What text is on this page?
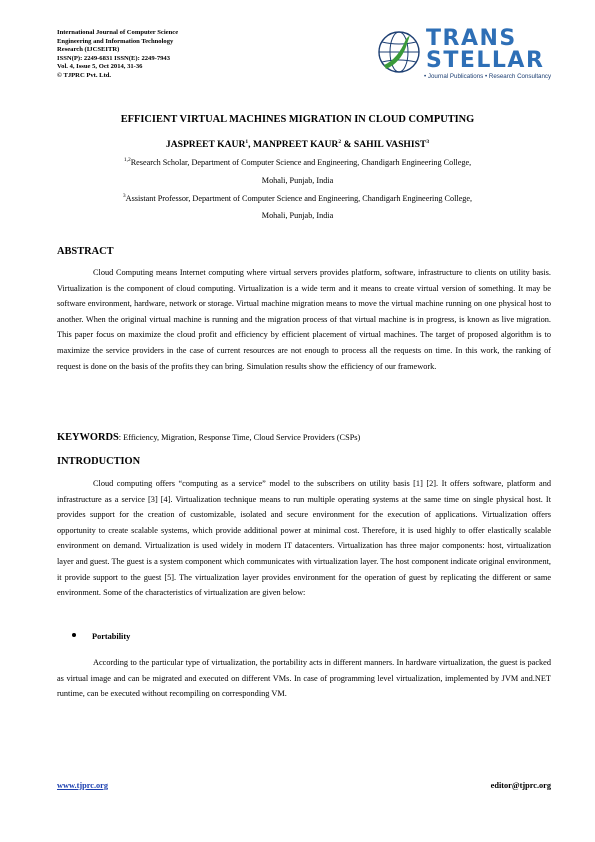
International Journal of Computer Science
Engineering and Information Technology
Research (IJCSEITR)
ISSN(P): 2249-6831 ISSN(E): 2249-7943
Vol. 4, Issue 5, Oct 2014, 31-36
© TJPRC Pvt. Ltd.
TRANS
STELLAR
• Journal Publications • Research Consultancy
EFFICIENT VIRTUAL MACHINES MIGRATION IN CLOUD COMPUTING
JASPREET KAUR$^1$, MANPREET KAUR$^2$ & SAHIL VASHIST$^3$
$^{1,2}$Research Scholar, Department of Computer Science and Engineering, Chandigarh Engineering College,
Mohali, Punjab, India
$^3$Assistant Professor, Department of Computer Science and Engineering, Chandigarh Engineering College,
Mohali, Punjab, India
ABSTRACT

Cloud Computing means Internet computing where virtual servers provides platform, software, infrastructure to clients on utility basis. Virtualization is the component of cloud computing. Virtualization is a wide term and it means to create virtual version of something. It may be software environment, hardware, network or storage. Virtual machine migration means to move the virtual machine running on one physical host to another. When the original virtual machine is running and the migration process of that virtual machine is in progress, is known as live migration. This paper focus on maximize the cloud profit and efficiency by efficient placement of virtual machines. The target of proposed algorithm is to maximize the service providers in the case of current resources are not enough to process all the requests on time. In this work, the ranking of request is done on the basis of the profits they can bring. Simulation results show the efficiency of our framework.

KEYWORDS: Efficiency, Migration, Response Time, Cloud Service Providers (CSPs)
INTRODUCTION

Cloud computing offers “computing as a service” model to the subscribers on utility basis [1] [2]. It offers software, platform and infrastructure as a service [3] [4]. Virtualization technique means to run multiple operating systems at the same time on single physical host. It provides support for the creation of customizable, isolated and secure environment for the execution of applications. Virtualization offers opportunity to create scalable systems, which provide additional power at minimal cost. Therefore, it is used highly to offer elastically scalable environment on demand. Virtualization is used widely in modern IT datacenters. Virtualization has three major components: host, virtualization layer and guest. The guest is a system component which communicates with virtualization layer. The host component indicate original environment, it provide support to the guest [5]. The virtualization layer provides environment for the operation of guest by replicating the different or same environment. Some of the characteristics of virtualization are given below:

Portability

According to the particular type of virtualization, the portability acts in different manners. In hardware virtualization, the guest is packed as virtual image and can be migrated and executed on different VMs. In case of programming level virtualization, implemented by JVM and.NET runtime, can be executed without recompiling on corresponding VM.

www.tjprc.org	editor@tjprc.org
